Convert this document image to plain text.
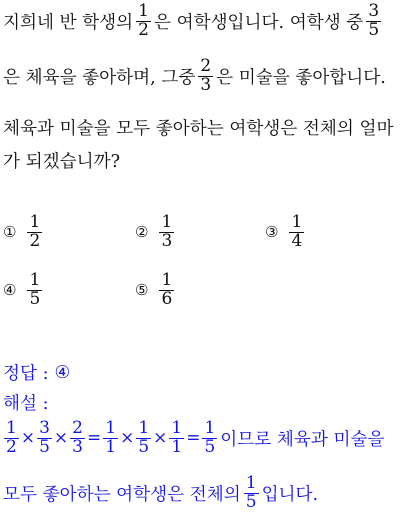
지희네 반 학생의 $\frac{1}{2}$ 은 여학생입니다. 여학생 중 $\frac{3}{5}$
은 체육을 좋아하며, 그중 $\frac{2}{3}$ 은 미술을 좋아합니다.
체육과 미술을 모두 좋아하는 여학생은 전체의 얼마
가 되겠습니까?
① $\frac{1}{2}$	② $\frac{1}{3}$	③ $\frac{1}{4}$
④ $\frac{1}{5}$	⑤ $\frac{1}{6}$
정답 : ④
해설 :
$\frac{1}{2} \times \frac{3}{5} \times \frac{2}{3} = \frac{1}{1} \times \frac{1}{5} \times \frac{1}{1} = \frac{1}{5}$ 이므로 체육과 미술을
모두 좋아하는 여학생은 전체의 $\frac{1}{5}$ 입니다.
